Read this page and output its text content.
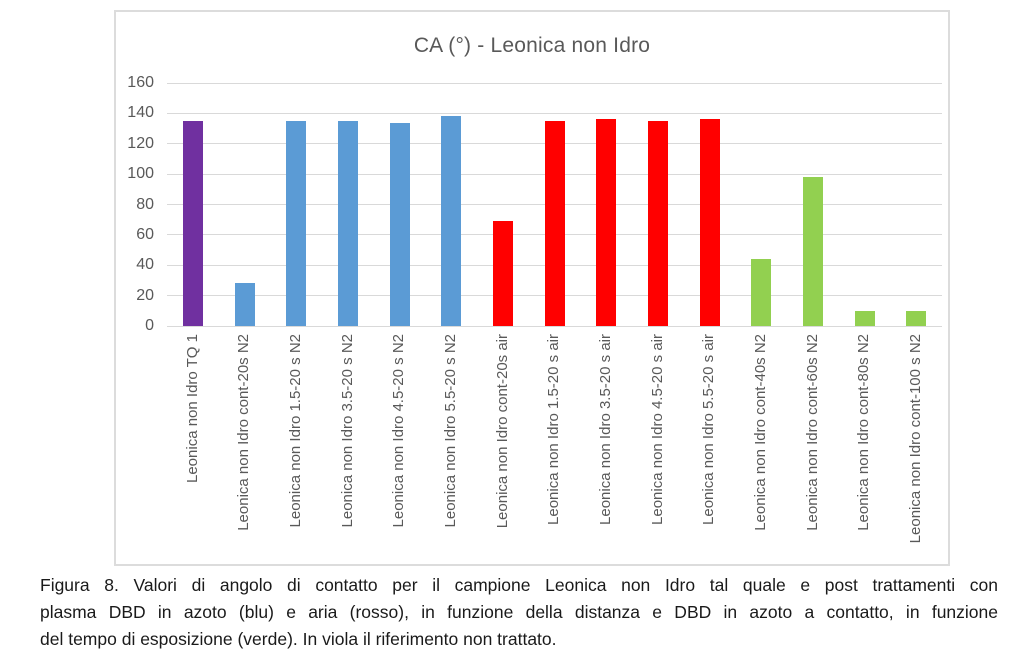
CA (°) - Leonica non Idro
0
20
40
60
80
100
120
140
160
Leonica non Idro TQ 1 Leonica non Idro cont-20s N2 Leonica non Idro 1.5-20 s N2 Leonica non Idro 3.5-20 s N2 Leonica non Idro 4.5-20 s N2 Leonica non Idro 5.5-20 s N2 Leonica non Idro cont-20s air Leonica non Idro 1.5-20 s air Leonica non Idro 3.5-20 s air Leonica non Idro 4.5-20 s air Leonica non Idro 5.5-20 s air Leonica non Idro cont-40s N2 Leonica non Idro cont-60s N2 Leonica non Idro cont-80s N2 Leonica non Idro cont-100 s N2
Figura 8. Valori di angolo di contatto per il campione Leonica non Idro tal quale e post trattamenti con
plasma DBD in azoto (blu) e aria (rosso), in funzione della distanza e DBD in azoto a contatto, in funzione
del tempo di esposizione (verde). In viola il riferimento non trattato.
